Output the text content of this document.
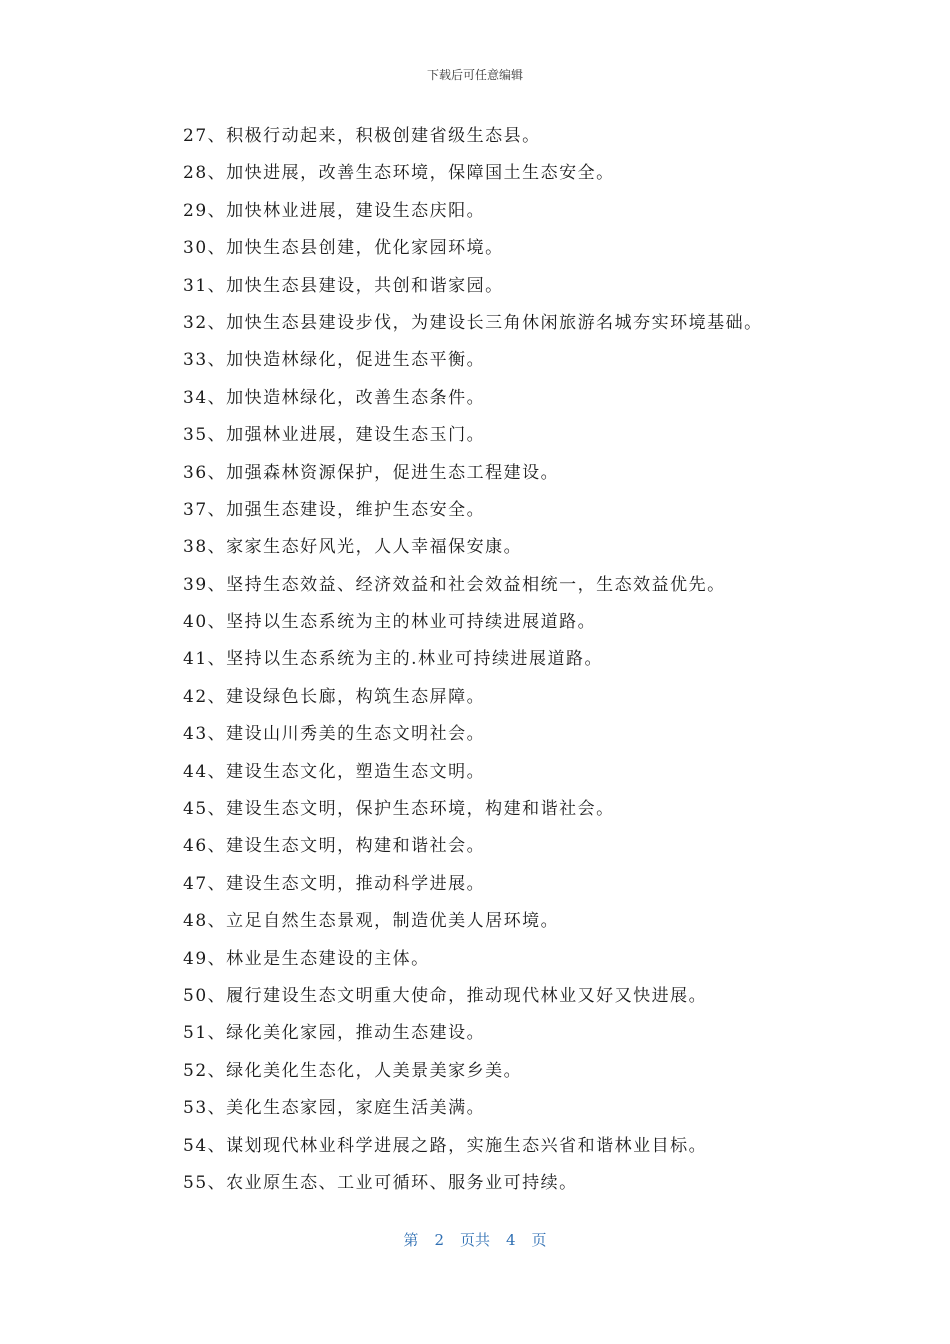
下载后可任意编辑
27、积极行动起来，积极创建省级生态县。
28、加快进展，改善生态环境，保障国土生态安全。
29、加快林业进展，建设生态庆阳。
30、加快生态县创建，优化家园环境。
31、加快生态县建设，共创和谐家园。
32、加快生态县建设步伐，为建设长三角休闲旅游名城夯实环境基础。
33、加快造林绿化，促进生态平衡。
34、加快造林绿化，改善生态条件。
35、加强林业进展，建设生态玉门。
36、加强森林资源保护，促进生态工程建设。
37、加强生态建设，维护生态安全。
38、家家生态好风光，人人幸福保安康。
39、坚持生态效益、经济效益和社会效益相统一，生态效益优先。
40、坚持以生态系统为主的林业可持续进展道路。
41、坚持以生态系统为主的.林业可持续进展道路。
42、建设绿色长廊，构筑生态屏障。
43、建设山川秀美的生态文明社会。
44、建设生态文化，塑造生态文明。
45、建设生态文明，保护生态环境，构建和谐社会。
46、建设生态文明，构建和谐社会。
47、建设生态文明，推动科学进展。
48、立足自然生态景观，制造优美人居环境。
49、林业是生态建设的主体。
50、履行建设生态文明重大使命，推动现代林业又好又快进展。
51、绿化美化家园，推动生态建设。
52、绿化美化生态化，人美景美家乡美。
53、美化生态家园，家庭生活美满。
54、谋划现代林业科学进展之路，实施生态兴省和谐林业目标。
55、农业原生态、工业可循环、服务业可持续。
第 2 页共 4 页
